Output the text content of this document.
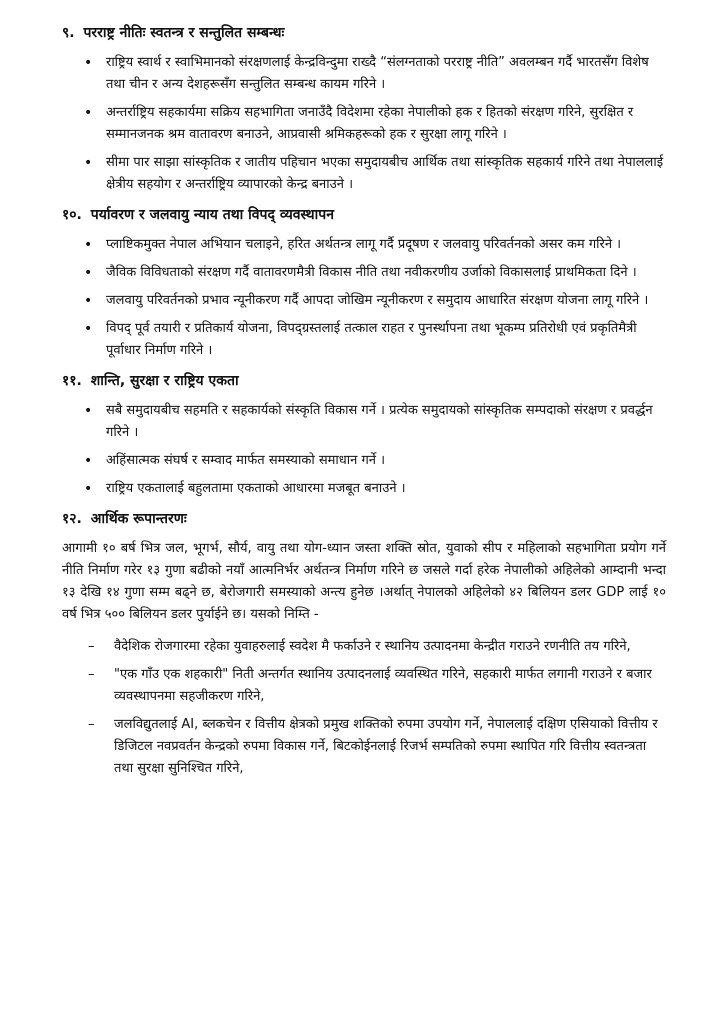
९. परराष्ट्र नीतिः स्वतन्त्र र सन्तुलित सम्बन्धः
• राष्ट्रिय स्वार्थ र स्वाभिमानको संरक्षणलाई केन्द्रविन्दुमा राख्दै “संलग्नताको परराष्ट्र नीति” अवलम्बन गर्दै भारतसँग विशेष तथा चीन र अन्य देशहरूसँग सन्तुलित सम्बन्ध कायम गरिने ।
• अन्तर्राष्ट्रिय सहकार्यमा सक्रिय सहभागिता जनाउँदै विदेशमा रहेका नेपालीको हक र हितको संरक्षण गरिने, सुरक्षित र सम्मानजनक श्रम वातावरण बनाउने, आप्रवासी श्रमिकहरूको हक र सुरक्षा लागू गरिने ।
• सीमा पार साझा सांस्कृतिक र जातीय पहिचान भएका समुदायबीच आर्थिक तथा सांस्कृतिक सहकार्य गरिने तथा नेपाललाई क्षेत्रीय सहयोग र अन्तर्राष्ट्रिय व्यापारको केन्द्र बनाउने ।
१०. पर्यावरण र जलवायु न्याय तथा विपद् व्यवस्थापन
• प्लाष्टिकमुक्त नेपाल अभियान चलाइने, हरित अर्थतन्त्र लागू गर्दै प्रदूषण र जलवायु परिवर्तनको असर कम गरिने ।
• जैविक विविधताको संरक्षण गर्दै वातावरणमैत्री विकास नीति तथा नवीकरणीय उर्जाको विकासलाई प्राथमिकता दिने ।
• जलवायु परिवर्तनको प्रभाव न्यूनीकरण गर्दै आपदा जोखिम न्यूनीकरण र समुदाय आधारित संरक्षण योजना लागू गरिने ।
• विपद् पूर्व तयारी र प्रतिकार्य योजना, विपद्ग्रस्तलाई तत्काल राहत र पुनर्स्थापना तथा भूकम्प प्रतिरोधी एवं प्रकृतिमैत्री पूर्वाधार निर्माण गरिने ।
११. शान्ति, सुरक्षा र राष्ट्रिय एकता
• सबै समुदायबीच सहमति र सहकार्यको संस्कृति विकास गर्ने । प्रत्येक समुदायको सांस्कृतिक सम्पदाको संरक्षण र प्रवर्द्धन गरिने ।
• अहिंसात्मक संघर्ष र सम्वाद मार्फत समस्याको समाधान गर्ने ।
• राष्ट्रिय एकतालाई बहुलतामा एकताको आधारमा मजबूत बनाउने ।
१२. आर्थिक रूपान्तरणः

आगामी १० बर्ष भित्र जल, भूगर्भ, सौर्य, वायु तथा योग-ध्यान जस्ता शक्ति स्रोत, युवाको सीप र महिलाको सहभागिता प्रयोग गर्ने नीति निर्माण गरेर १३ गुणा बढीको नयाँ आत्मनिर्भर अर्थतन्त्र निर्माण गरिने छ जसले गर्दा हरेक नेपालीको अहिलेको आम्दानी भन्दा १३ देखि १४ गुणा सम्म बढ्ने छ, बेरोजगारी समस्याको अन्त्य हुनेछ ।अर्थात् नेपालको अहिलेको ४२ बिलियन डलर GDP लाई १० वर्ष भित्र ५०० बिलियन डलर पुर्याईने छ। यसको निम्ति -

– वैदेशिक रोजगारमा रहेका युवाहरुलाई स्वदेश मै फर्काउने र स्थानिय उत्पादनमा केन्द्रीत गराउने रणनीति तय गरिने,
– "एक गाँउ एक शहकारी" निती अन्तर्गत स्थानिय उत्पादनलाई व्यवस्थित गरिने, सहकारी मार्फत लगानी गराउने र बजार व्यवस्थापनमा सहजीकरण गरिने,
– जलविद्युतलाई AI, ब्लकचेन र वित्तीय क्षेत्रको प्रमुख शक्तिको रुपमा उपयोग गर्ने, नेपाललाई दक्षिण एसियाको वित्तीय र डिजिटल नवप्रवर्तन केन्द्रको रुपमा विकास गर्ने, बिटकोईनलाई रिजर्भ सम्पतिको रुपमा स्थापित गरि वित्तीय स्वतन्त्रता तथा सुरक्षा सुनिश्चित गरिने,
